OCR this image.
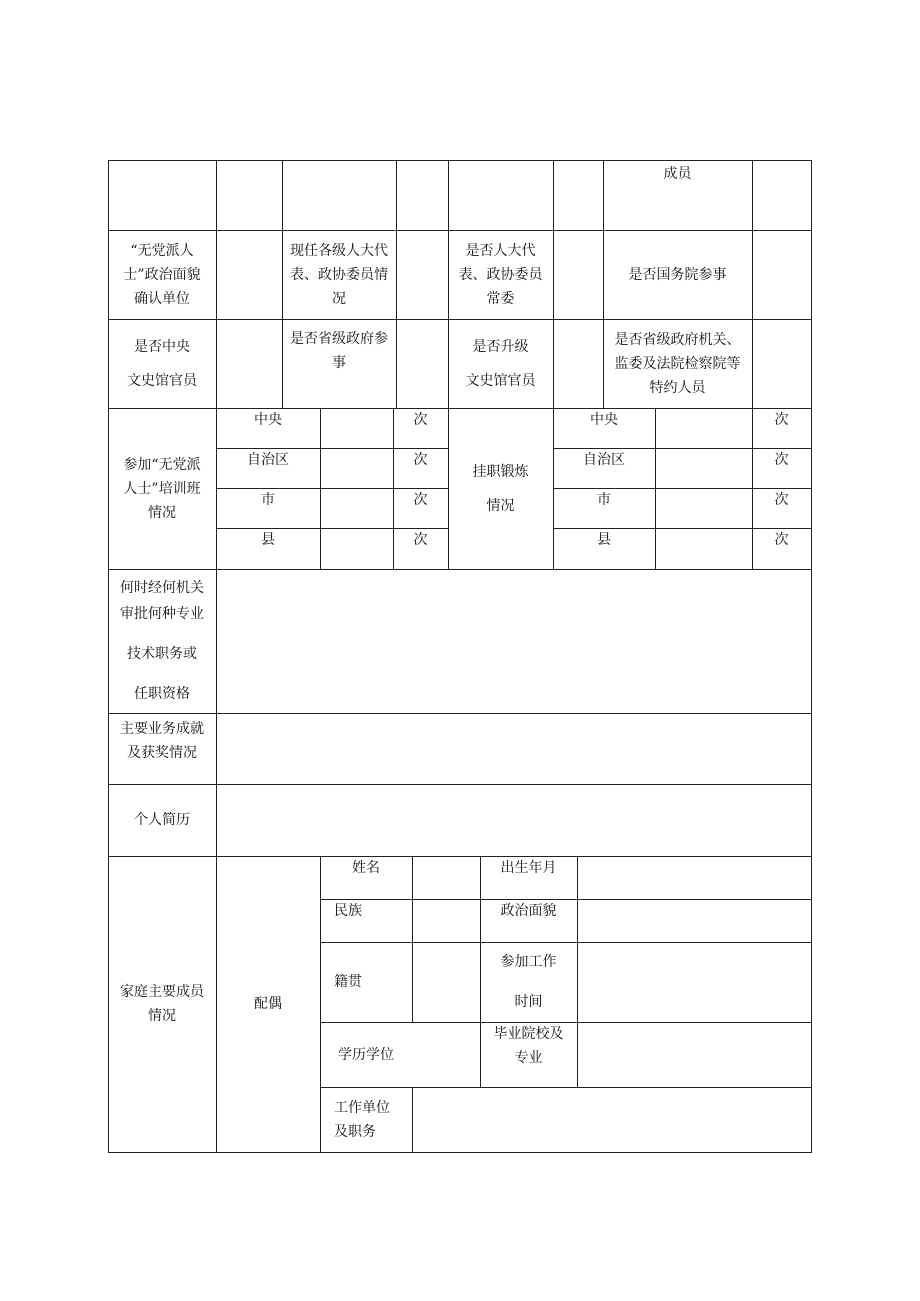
成员
“无党派人
士”政治面貌
确认单位
现任各级人大代
表、政协委员情
况
是否人大代
表、政协委员
常委
是否国务院参事
是否中央
文史馆官员
是否省级政府参
事
是否升级
文史馆官员
是否省级政府机关、
监委及法院检察院等
特约人员
参加“无党派
人士”培训班
情况
中央
自治区
市
县
次
次
次
次
挂职锻炼
情况
中央
自治区
市
县
次
次
次
次
何时经何机关
审批何种专业
技术职务或
任职资格
主要业务成就
及获奖情况
个人简历
家庭主要成员
情况
配偶
姓名	出生年月
民族	政治面貌
籍贯
参加工作
时间
学历学位
毕业院校及
专业
工作单位
及职务
